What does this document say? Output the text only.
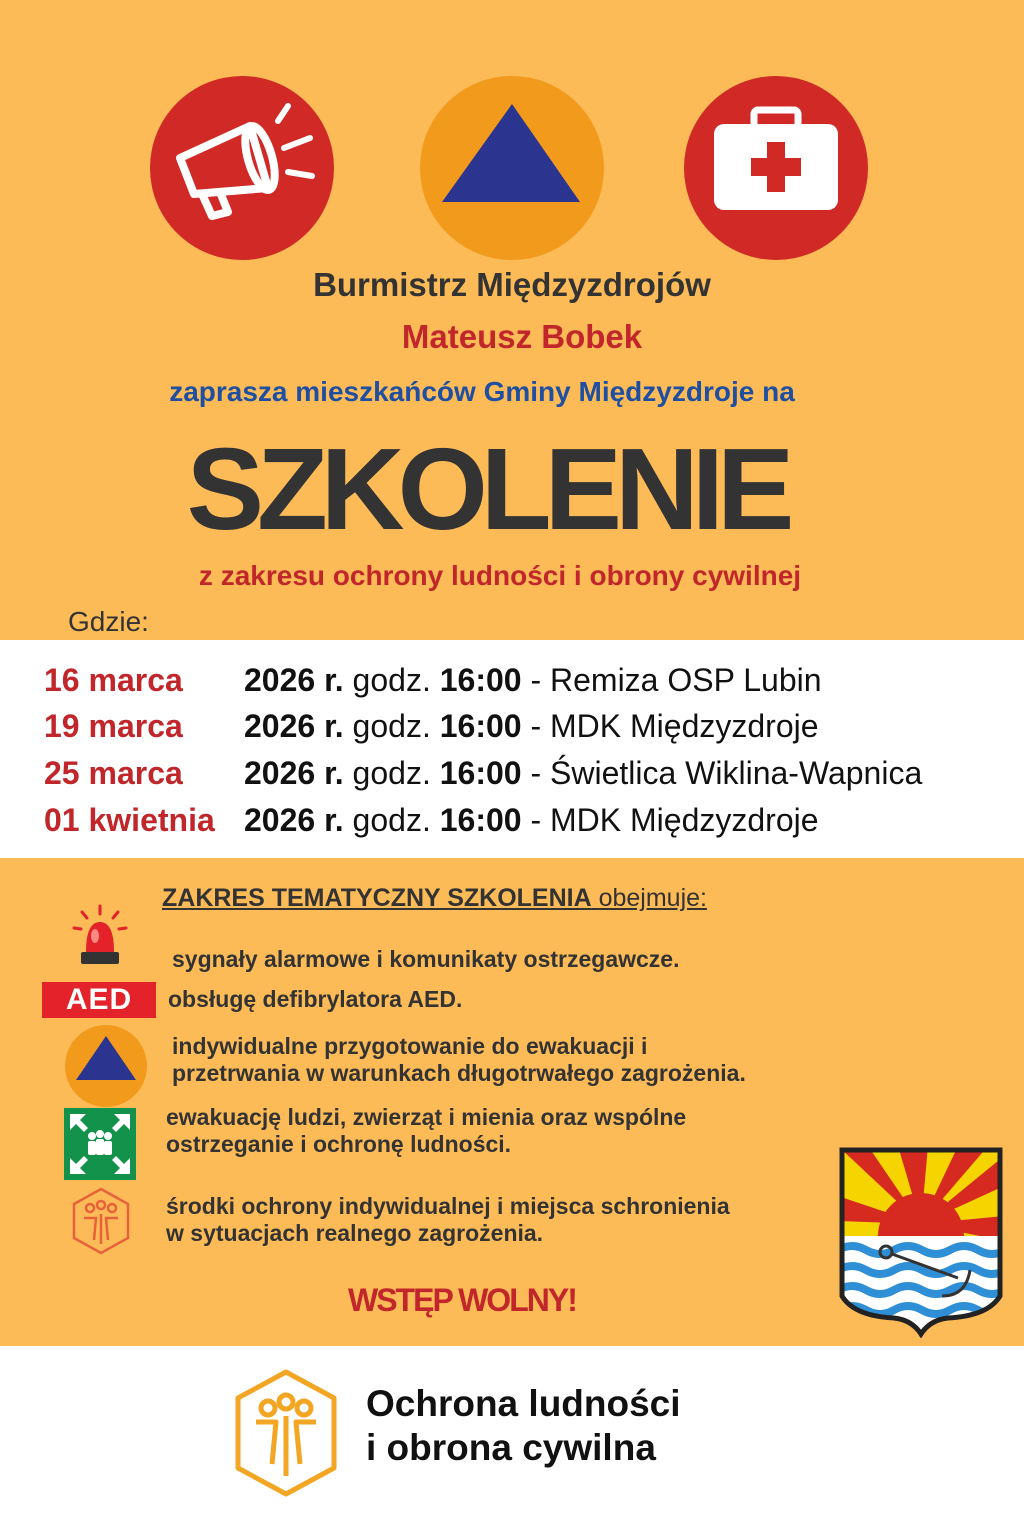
Burmistrz Międzyzdrojów
Mateusz Bobek
zaprasza mieszkańców Gminy Międzyzdroje na
SZKOLENIE
z zakresu ochrony ludności i obrony cywilnej
Gdzie:
16 marca 2026 r. godz. 16:00 - Remiza OSP Lubin
19 marca 2026 r. godz. 16:00 - MDK Międzyzdroje
25 marca 2026 r. godz. 16:00 - Świetlica Wiklina-Wapnica
01 kwietnia 2026 r. godz. 16:00 - MDK Międzyzdroje
ZAKRES TEMATYCZNY SZKOLENIA obejmuje:
AED
sygnały alarmowe i komunikaty ostrzegawcze.
obsługę defibrylatora AED.
indywidualne przygotowanie do ewakuacji i
przetrwania w warunkach długotrwałego zagrożenia.
ewakuację ludzi, zwierząt i mienia oraz wspólne
ostrzeganie i ochronę ludności.
środki ochrony indywidualnej i miejsca schronienia
w sytuacjach realnego zagrożenia.
WSTĘP WOLNY!
Ochrona ludności
i obrona cywilna
